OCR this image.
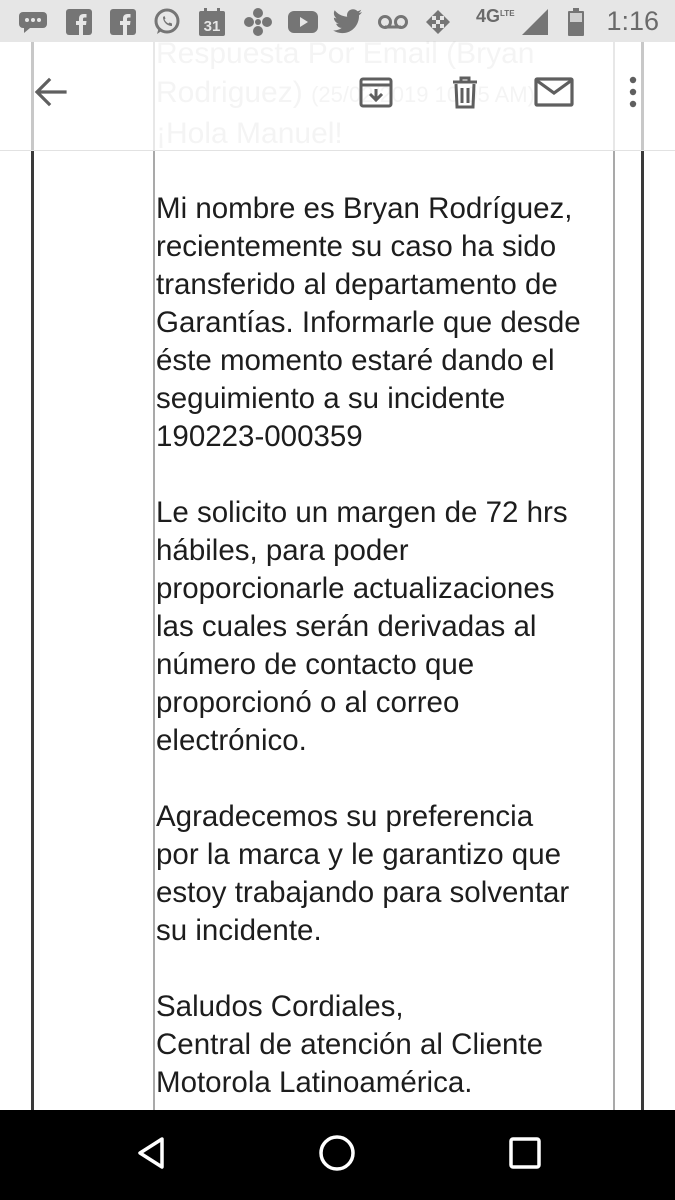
31
$4G^{LTE}$	1:16

Mi nombre es Bryan Rodríguez,
recientemente su caso ha sido
transferido al departamento de
Garantías. Informarle que desde
éste momento estaré dando el
seguimiento a su incidente
190223-000359

Le solicito un margen de 72 hrs
hábiles, para poder
proporcionarle actualizaciones
las cuales serán derivadas al
número de contacto que
proporcionó o al correo
electrónico.

Agradecemos su preferencia
por la marca y le garantizo que
estoy trabajando para solventar
su incidente.

Saludos Cordiales,
Central de atención al Cliente
Motorola Latinoamérica.
